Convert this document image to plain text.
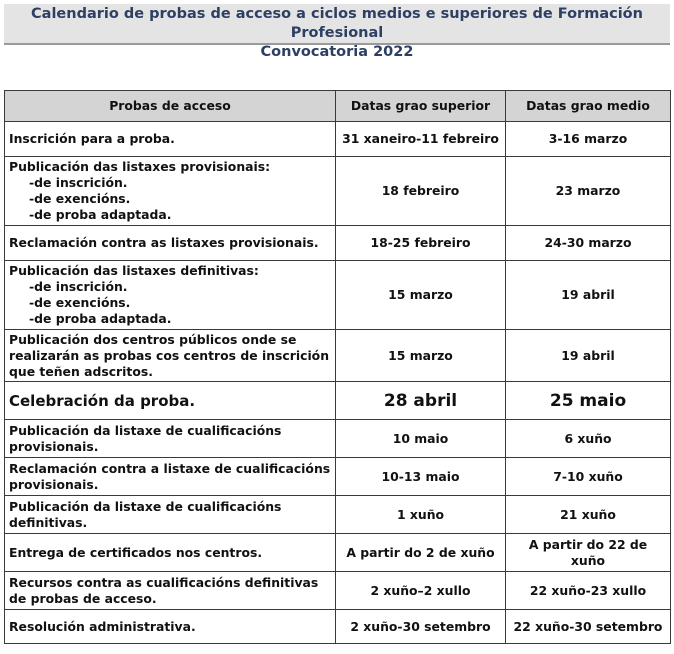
Calendario de probas de acceso a ciclos medios e superiores de Formación Profesional
Convocatoria 2022
Probas de acceso	Datas grao superior	Datas grao medio
Inscrición para a proba.	31 xaneiro-11 febreiro	3-16 marzo
Publicación das listaxes provisionais:
-de inscrición.
-de exencións.
-de proba adaptada.	18 febreiro	23 marzo
Reclamación contra as listaxes provisionais.	18-25 febreiro	24-30 marzo
Publicación das listaxes definitivas:
-de inscrición.
-de exencións.
-de proba adaptada.	15 marzo	19 abril
Publicación dos centros públicos onde se realizarán as probas cos centros de inscrición que teñen adscritos.	15 marzo	19 abril
Celebración da proba.	28 abril	25 maio
Publicación da listaxe de cualificacións provisionais.	10 maio	6 xuño
Reclamación contra a listaxe de cualificacións provisionais.	10-13 maio	7-10 xuño
Publicación da listaxe de cualificacións definitivas.	1 xuño	21 xuño
Entrega de certificados nos centros.	A partir do 2 de xuño	A partir do 22 de xuño
Recursos contra as cualificacións definitivas de probas de acceso.	2 xuño–2 xullo	22 xuño-23 xullo
Resolución administrativa.	2 xuño-30 setembro	22 xuño-30 setembro
